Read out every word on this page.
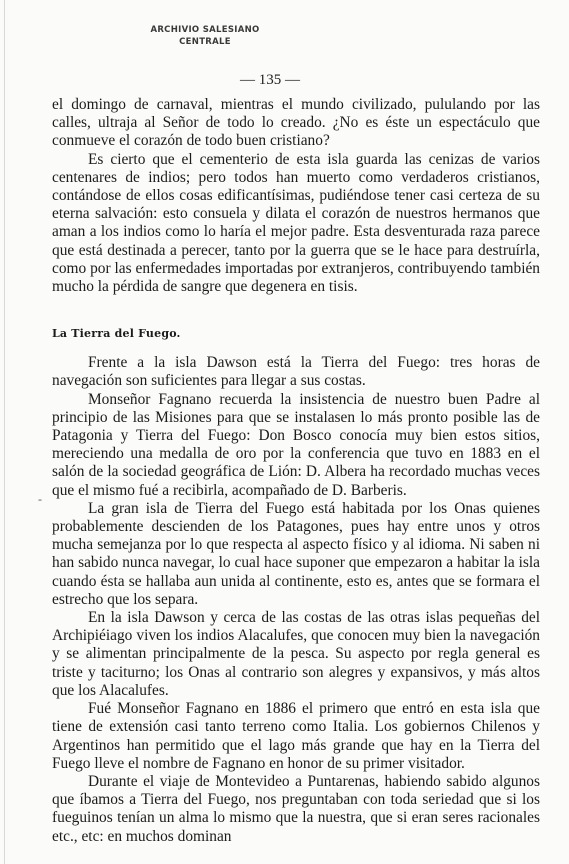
ARCHIVIO SALESIANO
CENTRALE
— 135 —

el domingo de carnaval, mientras el mundo civilizado, pululando por las calles, ultraja al Señor de todo lo creado. ¿No es éste un espectáculo que conmueve el corazón de todo buen cristiano?

Es cierto que el cementerio de esta isla guarda las cenizas de varios centenares de indios; pero todos han muerto como verdaderos cristianos, contándose de ellos cosas edificantísimas, pudiéndose tener casi certeza de su eterna salvación: esto consuela y dilata el corazón de nuestros hermanos que aman a los indios como lo haría el mejor padre. Esta desventurada raza parece que está destinada a perecer, tanto por la guerra que se le hace para destruírla, como por las enfermedades importadas por extranjeros, contribuyendo también mucho la pérdida de sangre que degenera en tisis.

La Tierra del Fuego.

Frente a la isla Dawson está la Tierra del Fuego: tres horas de navegación son suficientes para llegar a sus costas.

Monseñor Fagnano recuerda la insistencia de nuestro buen Padre al principio de las Misiones para que se instalasen lo más pronto posible las de Patagonia y Tierra del Fuego: Don Bosco conocía muy bien estos sitios, mereciendo una medalla de oro por la conferencia que tuvo en 1883 en el salón de la sociedad geográfica de Lión: D. Albera ha recordado muchas veces que el mismo fué a recibirla, acompañado de D. Barberis.

La gran isla de Tierra del Fuego está habitada por los Onas quienes probablemente descienden de los Patagones, pues hay entre unos y otros mucha semejanza por lo que respecta al aspecto físico y al idioma. Ni saben ni han sabido nunca navegar, lo cual hace suponer que empezaron a habitar la isla cuando ésta se hallaba aun unida al continente, esto es, antes que se formara el estrecho que los separa.

En la isla Dawson y cerca de las costas de las otras islas pequeñas del Archipiéiago viven los indios Alacalufes, que conocen muy bien la navegación y se alimentan principalmente de la pesca. Su aspecto por regla general es triste y taciturno; los Onas al contrario son alegres y expansivos, y más altos que los Alacalufes.

Fué Monseñor Fagnano en 1886 el primero que entró en esta isla que tiene de extensión casi tanto terreno como Italia. Los gobiernos Chilenos y Argentinos han permitido que el lago más grande que hay en la Tierra del Fuego lleve el nombre de Fagnano en honor de su primer visitador.

Durante el viaje de Montevideo a Puntarenas, habiendo sabido algunos que íbamos a Tierra del Fuego, nos preguntaban con toda seriedad que si los fueguinos tenían un alma lo mismo que la nuestra, que si eran seres racionales etc., etc: en muchos dominan

-
